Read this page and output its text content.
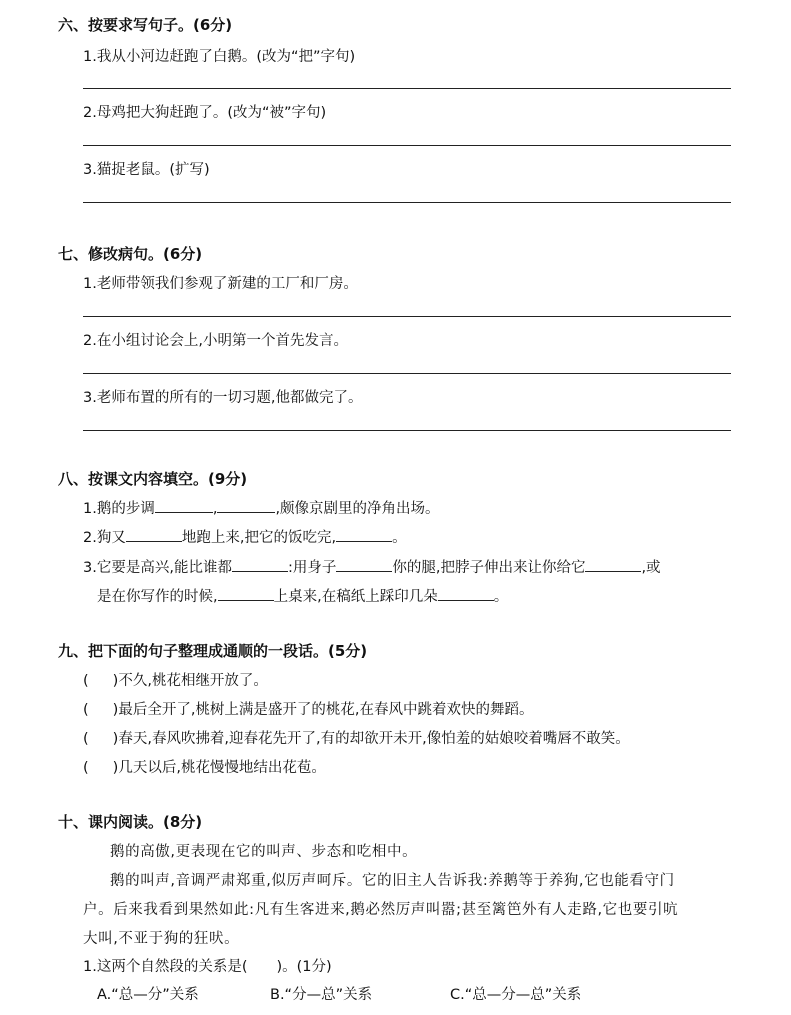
六、按要求写句子。(6分)
1.我从小河边赶跑了白鹅。(改为“把”字句)
2.母鸡把大狗赶跑了。(改为“被”字句)
3.猫捉老鼠。(扩写)
七、修改病句。(6分)
1.老师带领我们参观了新建的工厂和厂房。
2.在小组讨论会上,小明第一个首先发言。
3.老师布置的所有的一切习题,他都做完了。
八、按课文内容填空。(9分)
1.鹅的步调	,	,颇像京剧里的净角出场。
2.狗又	地跑上来,把它的饭吃完,	。
3.它要是高兴,能比谁都	:用身子	你的腿,把脖子伸出来让你给它	,或
是在你写作的时候,	上桌来,在稿纸上踩印几朵	。
九、把下面的句子整理成通顺的一段话。(5分)
( )不久,桃花相继开放了。
( )最后全开了,桃树上满是盛开了的桃花,在春风中跳着欢快的舞蹈。
( )春天,春风吹拂着,迎春花先开了,有的却欲开未开,像怕羞的姑娘咬着嘴唇不敢笑。
( )几天以后,桃花慢慢地结出花苞。
十、课内阅读。(8分)
鹅的高傲,更表现在它的叫声、步态和吃相中。
鹅的叫声,音调严肃郑重,似厉声呵斥。它的旧主人告诉我:养鹅等于养狗,它也能看守门
户。后来我看到果然如此:凡有生客进来,鹅必然厉声叫嚣;甚至篱笆外有人走路,它也要引吭
大叫,不亚于狗的狂吠。
1.这两个自然段的关系是(　　)。(1分)
A.“总—分”关系	B.“分—总”关系	C.“总—分—总”关系
